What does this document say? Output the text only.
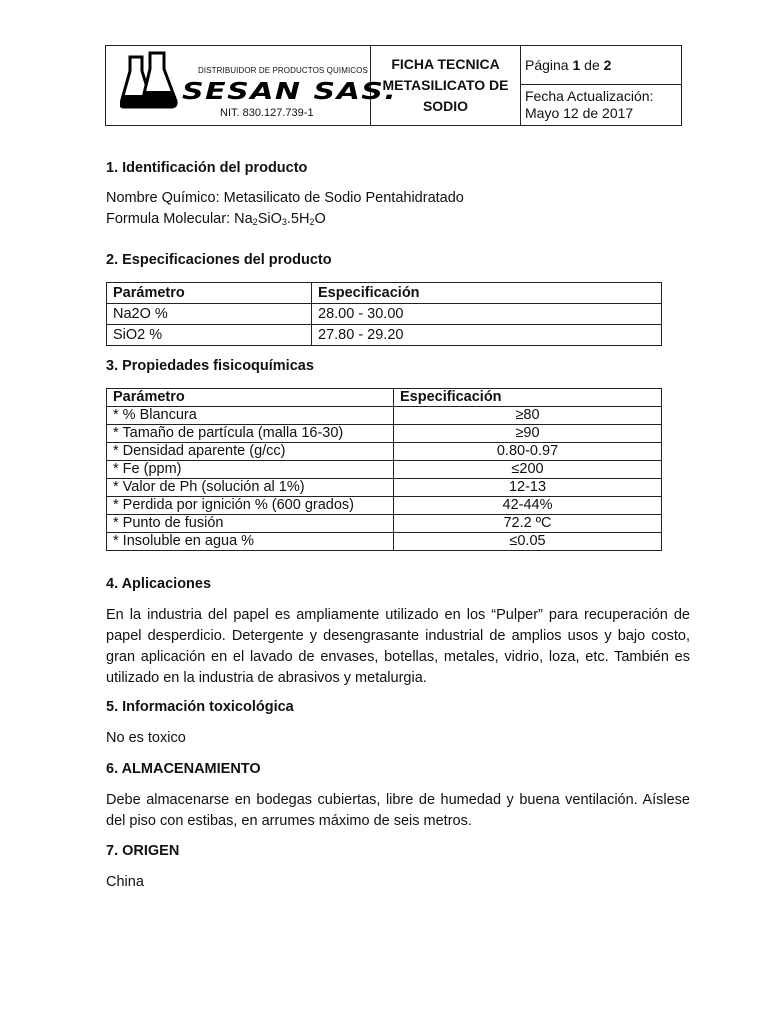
DISTRIBUIDOR DE PRODUCTOS QUIMICOS
SESAN SAS.
NIT. 830.127.739-1

FICHA TECNICA
METASILICATO DE
SODIO
	Página 1 de 2

Fecha Actualización:
Mayo 12 de 2017
1. Identificación del producto

Nombre Químico: Metasilicato de Sodio Pentahidratado

Formula Molecular: $Na_2SiO_3.5H_2O$

2. Especificaciones del producto
Parámetro	Especificación
Na2O %	28.00 - 30.00
SiO2 %	27.80 - 29.20
3. Propiedades fisicoquímicas
Parámetro	Especificación
* % Blancura	≥80
* Tamaño de partícula (malla 16-30)	≥90
* Densidad aparente (g/cc)	0.80-0.97
* Fe (ppm)	≤200
* Valor de Ph (solución al 1%)	12-13
* Perdida por ignición % (600 grados)	42-44%
* Punto de fusión	72.2 ºC
* Insoluble en agua %	≤0.05
4. Aplicaciones

En la industria del papel es ampliamente utilizado en los “Pulper” para recuperación de papel desperdicio. Detergente y desengrasante industrial de amplios usos y bajo costo, gran aplicación en el lavado de envases, botellas, metales, vidrio, loza, etc. También es utilizado en la industria de abrasivos y metalurgia.

5. Información toxicológica

No es toxico

6. ALMACENAMIENTO

Debe almacenarse en bodegas cubiertas, libre de humedad y buena ventilación. Aíslese del piso con estibas, en arrumes máximo de seis metros.

7. ORIGEN

China
